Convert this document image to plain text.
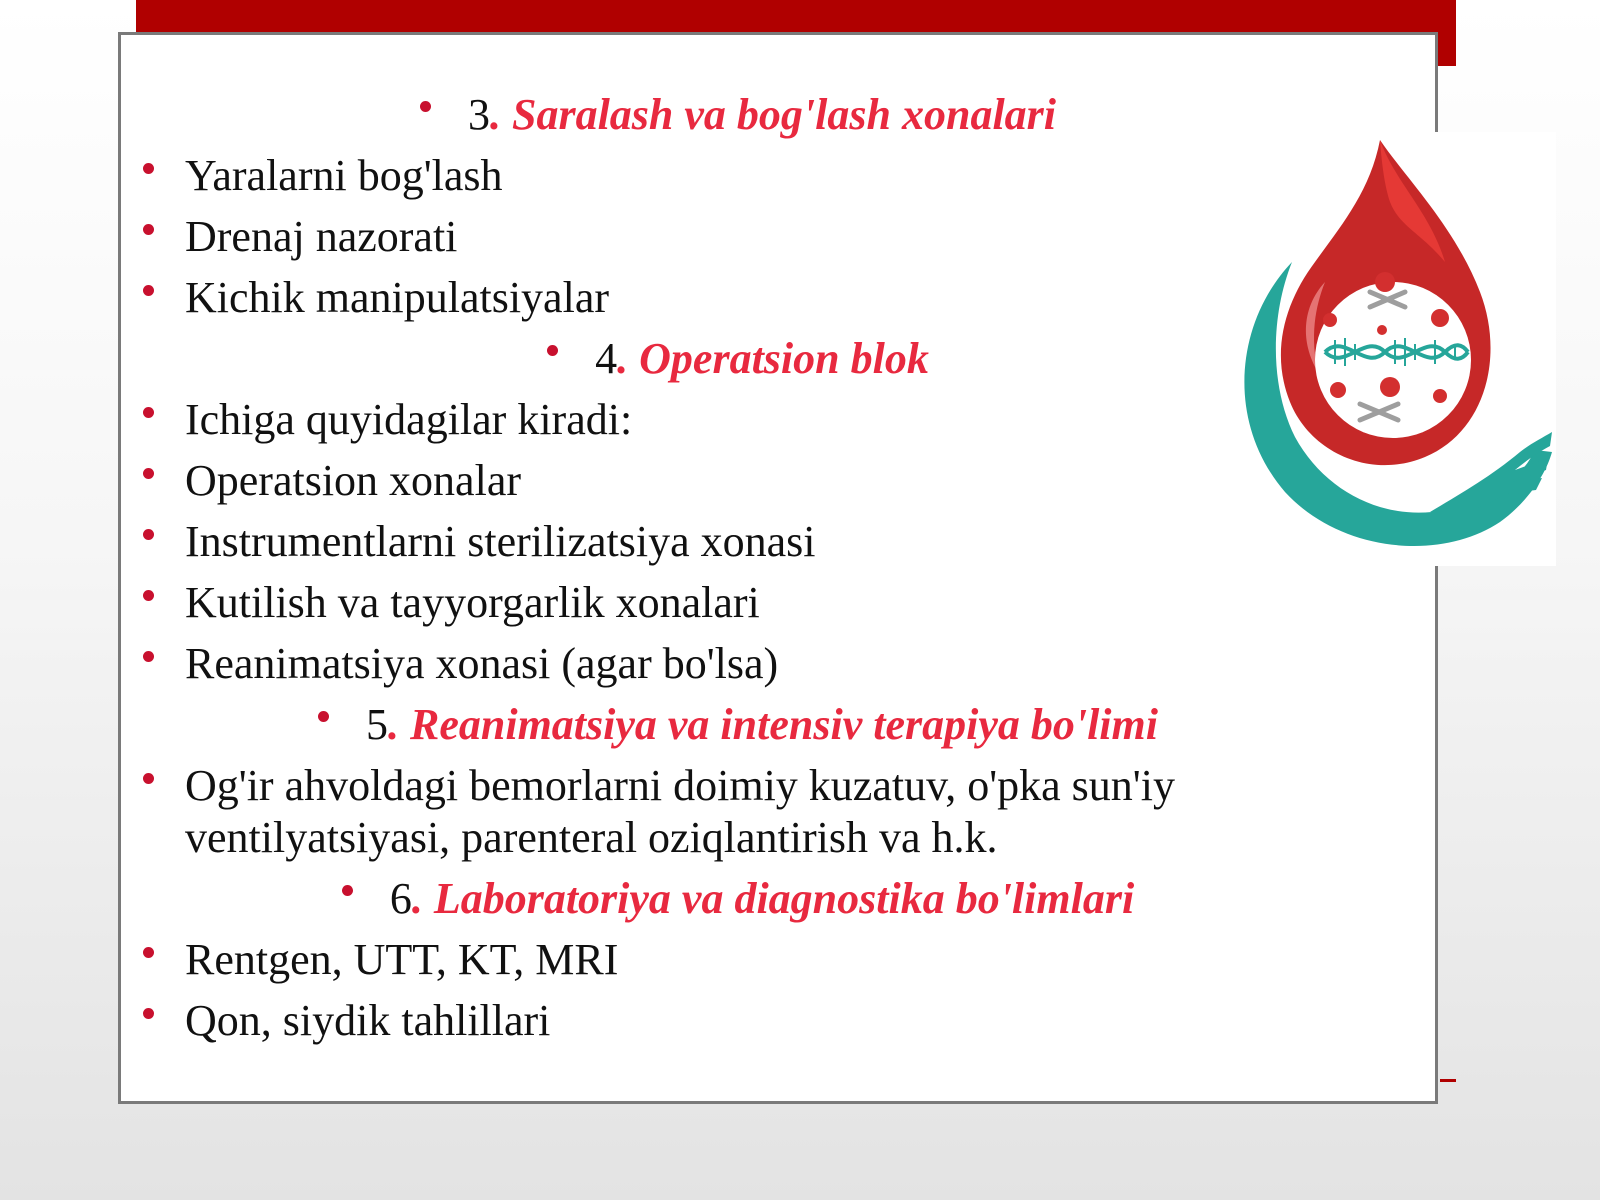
3. Saralash va bog'lash xonalari
Yaralarni bog'lash
Drenaj nazorati
Kichik manipulatsiyalar
4. Operatsion blok
Ichiga quyidagilar kiradi:
Operatsion xonalar
Instrumentlarni sterilizatsiya xonasi
Kutilish va tayyorgarlik xonalari
Reanimatsiya xonasi (agar bo'lsa)
5. Reanimatsiya va intensiv terapiya bo'limi
Og'ir ahvoldagi bemorlarni doimiy kuzatuv, o'pka sun'iy ventilyatsiyasi, parenteral oziqlantirish va h.k.
6. Laboratoriya va diagnostika bo'limlari
Rentgen, UTT, KT, MRI
Qon, siydik tahlillari
